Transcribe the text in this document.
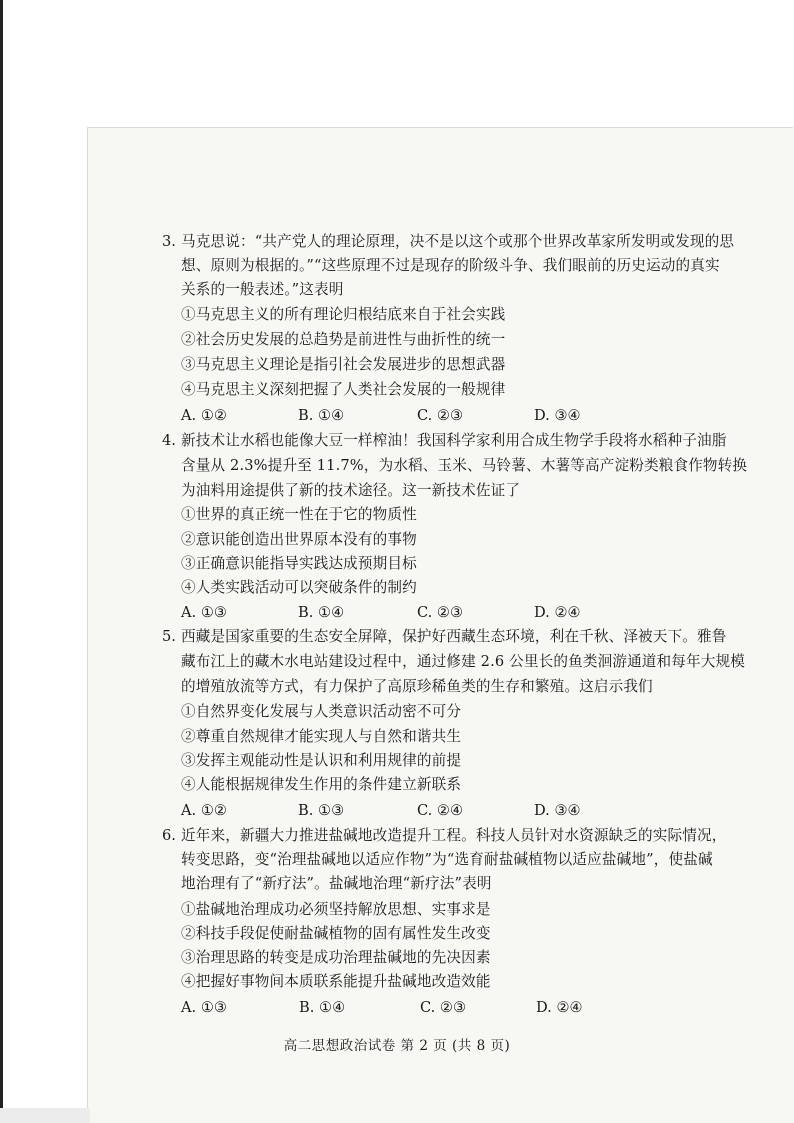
3. 马克思说：“共产党人的理论原理，决不是以这个或那个世界改革家所发明或发现的思
想、原则为根据的。”“这些原理不过是现存的阶级斗争、我们眼前的历史运动的真实
关系的一般表述。”这表明
①马克思主义的所有理论归根结底来自于社会实践
②社会历史发展的总趋势是前进性与曲折性的统一
③马克思主义理论是指引社会发展进步的思想武器
④马克思主义深刻把握了人类社会发展的一般规律
A. ①②	B. ①④	C. ②③	D. ③④
4. 新技术让水稻也能像大豆一样榨油！我国科学家利用合成生物学手段将水稻种子油脂
含量从 2.3%提升至 11.7%，为水稻、玉米、马铃薯、木薯等高产淀粉类粮食作物转换
为油料用途提供了新的技术途径。这一新技术佐证了
①世界的真正统一性在于它的物质性
②意识能创造出世界原本没有的事物
③正确意识能指导实践达成预期目标
④人类实践活动可以突破条件的制约
A. ①③	B. ①④	C. ②③	D. ②④
5. 西藏是国家重要的生态安全屏障，保护好西藏生态环境，利在千秋、泽被天下。雅鲁
藏布江上的藏木水电站建设过程中，通过修建 2.6 公里长的鱼类洄游通道和每年大规模
的增殖放流等方式，有力保护了高原珍稀鱼类的生存和繁殖。这启示我们
①自然界变化发展与人类意识活动密不可分
②尊重自然规律才能实现人与自然和谐共生
③发挥主观能动性是认识和利用规律的前提
④人能根据规律发生作用的条件建立新联系
A. ①②	B. ①③	C. ②④	D. ③④
6. 近年来，新疆大力推进盐碱地改造提升工程。科技人员针对水资源缺乏的实际情况，
转变思路，变“治理盐碱地以适应作物”为“选育耐盐碱植物以适应盐碱地”，使盐碱
地治理有了“新疗法”。盐碱地治理“新疗法”表明
①盐碱地治理成功必须坚持解放思想、实事求是
②科技手段促使耐盐碱植物的固有属性发生改变
③治理思路的转变是成功治理盐碱地的先决因素
④把握好事物间本质联系能提升盐碱地改造效能
A. ①③	B. ①④	C. ②③	D. ②④
高二思想政治试卷 第 2 页 (共 8 页)
